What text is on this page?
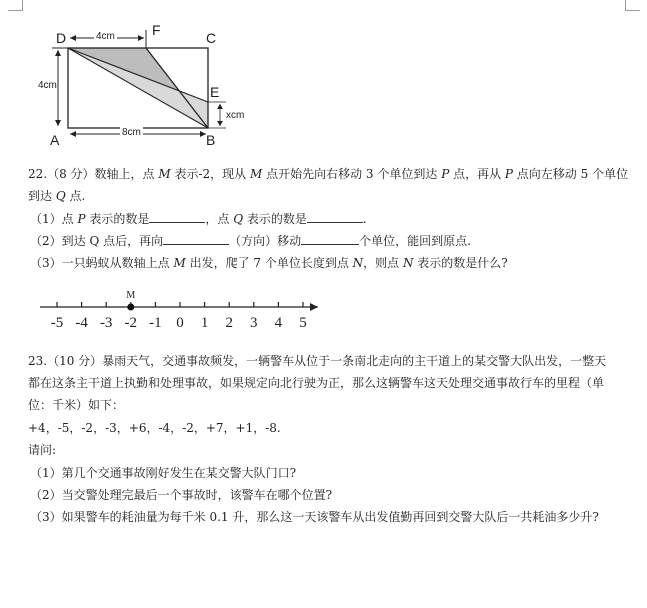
D	F	C
E
A	B
4cm
4cm
8cm
xcm
22.（8 分）数轴上，点 M 表示-2，现从 M 点开始先向右移动 3 个单位到达 P 点，再从 P 点向左移动 5 个单位
到达 Q 点.
（1）点 P 表示的数是	，点 Q 表示的数是	.
（2）到达 Q 点后，再向	（方向）移动	个单位，能回到原点.
（3）一只蚂蚁从数轴上点 M 出发，爬了 7 个单位长度到点 N，则点 N 表示的数是什么?
-5 -4 -3 -2 -1 0 1 2 3 4 5
M
23.（10 分）暴雨天气，交通事故频发，一辆警车从位于一条南北走向的主干道上的某交警大队出发，一整天
都在这条主干道上执勤和处理事故，如果规定向北行驶为正，那么这辆警车这天处理交通事故行车的里程（单
位：千米）如下：
+4，-5，-2，-3，+6，-4，-2，+7，+1，-8.
请问:
（1）第几个交通事故刚好发生在某交警大队门口?
（2）当交警处理完最后一个事故时，该警车在哪个位置?
（3）如果警车的耗油量为每千米 0.1 升，那么这一天该警车从出发值勤再回到交警大队后一共耗油多少升?
